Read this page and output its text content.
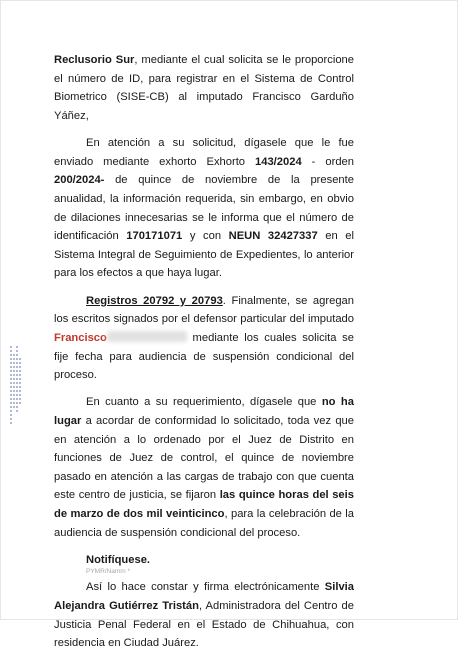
Reclusorio Sur, mediante el cual solicita se le proporcione el número de ID, para registrar en el Sistema de Control Biometrico (SISE-CB) al imputado Francisco Garduño Yáñez,

En atención a su solicitud, dígasele que le fue enviado mediante exhorto Exhorto 143/2024 - orden 200/2024- de quince de noviembre de la presente anualidad, la información requerida, sin embargo, en obvio de dilaciones innecesarias se le informa que el número de identificación 170171071 y con NEUN 32427337 en el Sistema Integral de Seguimiento de Expedientes, lo anterior para los efectos a que haya lugar.

Registros 20792 y 20793. Finalmente, se agregan los escritos signados por el defensor particular del imputado Francisco	mediante los cuales solicita se fije fecha para audiencia de suspensión condicional del proceso.

En cuanto a su requerimiento, dígasele que no ha lugar a acordar de conformidad lo solicitado, toda vez que en atención a lo ordenado por el Juez de Distrito en funciones de Juez de control, el quince de noviembre pasado en atención a las cargas de trabajo con que cuenta este centro de justicia, se fijaron las quince horas del seis de marzo de dos mil veinticinco, para la celebración de la audiencia de suspensión condicional del proceso.

Notifíquese.

Así lo hace constar y firma electrónicamente Silvia Alejandra Gutiérrez Tristán, Administradora del Centro de Justicia Penal Federal en el Estado de Chihuahua, con residencia en Ciudad Juárez.

PYMR/Namm *
